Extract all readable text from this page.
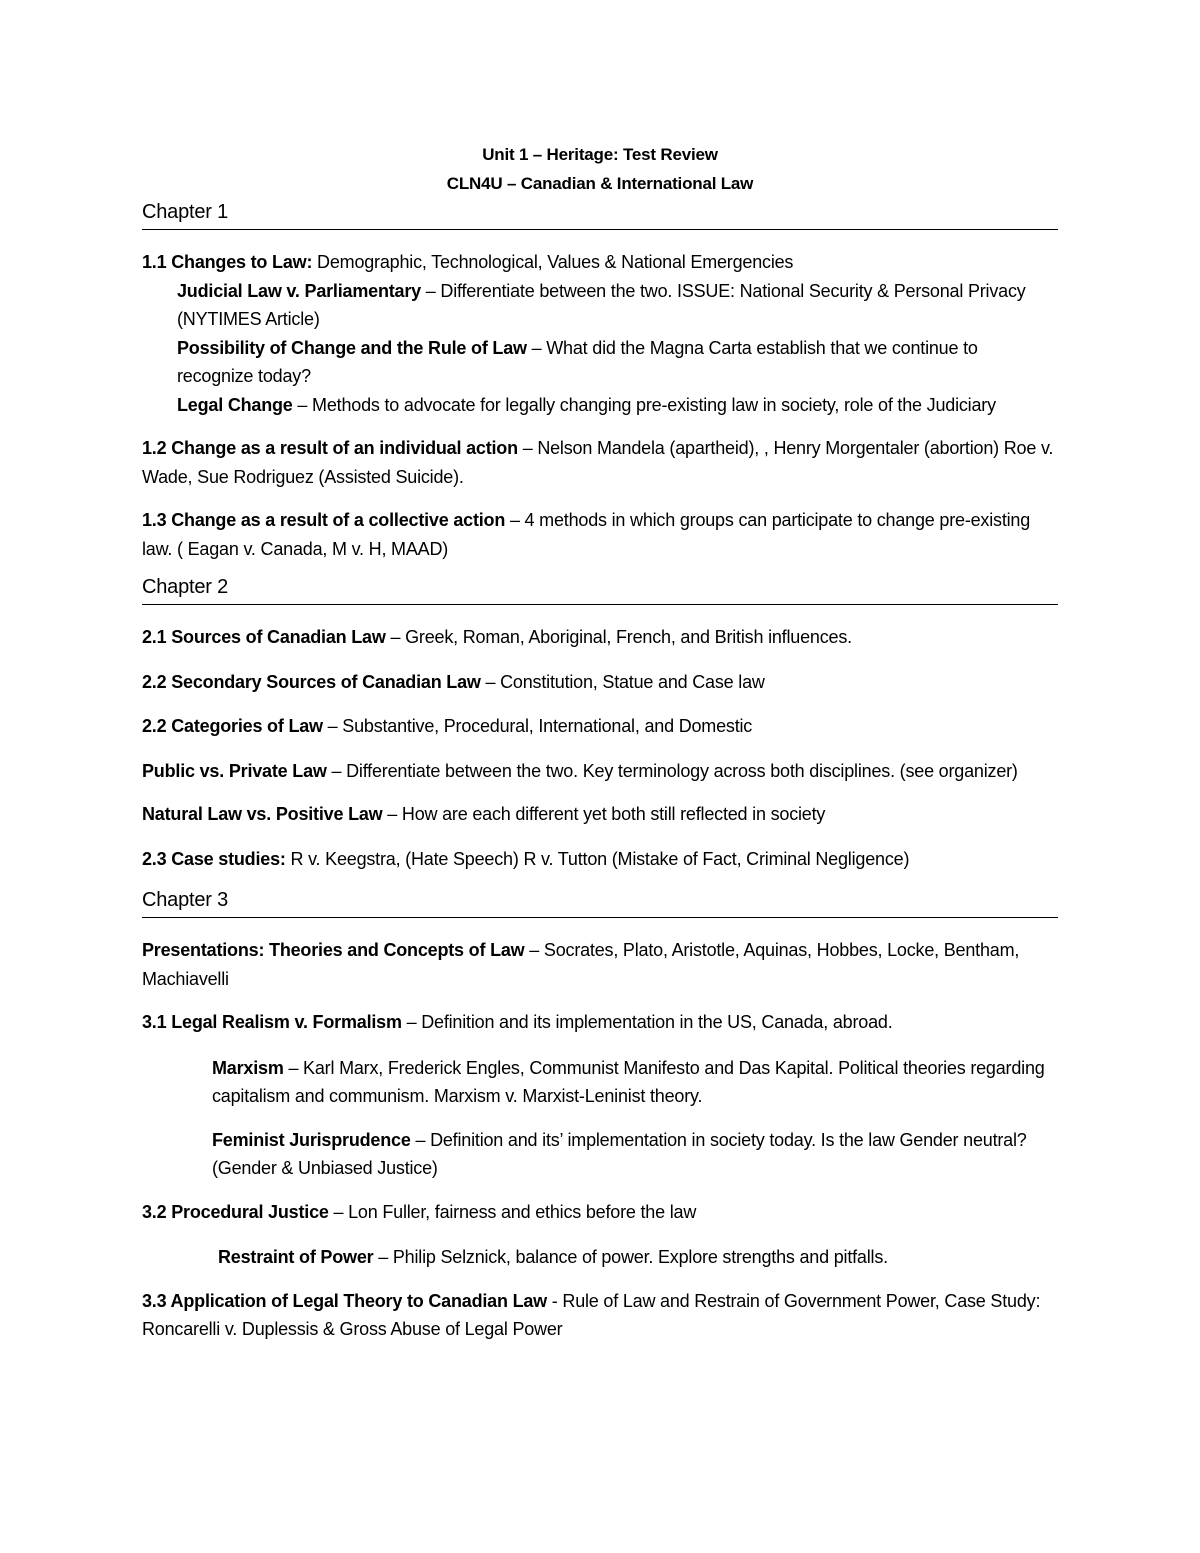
Unit 1 – Heritage: Test Review
CLN4U – Canadian & International Law
Chapter 1

1.1 Changes to Law: Demographic, Technological, Values & National Emergencies

Judicial Law v. Parliamentary – Differentiate between the two. ISSUE: National Security & Personal Privacy (NYTIMES Article)

Possibility of Change and the Rule of Law – What did the Magna Carta establish that we continue to recognize today?

Legal Change – Methods to advocate for legally changing pre-existing law in society, role of the Judiciary

1.2 Change as a result of an individual action – Nelson Mandela (apartheid), , Henry Morgentaler (abortion) Roe v. Wade, Sue Rodriguez (Assisted Suicide).

1.3 Change as a result of a collective action – 4 methods in which groups can participate to change pre-existing law. ( Eagan v. Canada, M v. H, MAAD)

Chapter 2

2.1 Sources of Canadian Law – Greek, Roman, Aboriginal, French, and British influences.

2.2 Secondary Sources of Canadian Law – Constitution, Statue and Case law

2.2 Categories of Law – Substantive, Procedural, International, and Domestic

Public vs. Private Law – Differentiate between the two. Key terminology across both disciplines. (see organizer)

Natural Law vs. Positive Law – How are each different yet both still reflected in society

2.3 Case studies: R v. Keegstra, (Hate Speech) R v. Tutton (Mistake of Fact, Criminal Negligence)

Chapter 3

Presentations: Theories and Concepts of Law – Socrates, Plato, Aristotle, Aquinas, Hobbes, Locke, Bentham, Machiavelli

3.1 Legal Realism v. Formalism – Definition and its implementation in the US, Canada, abroad.

Marxism – Karl Marx, Frederick Engles, Communist Manifesto and Das Kapital. Political theories regarding capitalism and communism. Marxism v. Marxist-Leninist theory.

Feminist Jurisprudence – Definition and its’ implementation in society today. Is the law Gender neutral? (Gender & Unbiased Justice)

3.2 Procedural Justice – Lon Fuller, fairness and ethics before the law

Restraint of Power – Philip Selznick, balance of power. Explore strengths and pitfalls.

3.3 Application of Legal Theory to Canadian Law - Rule of Law and Restrain of Government Power, Case Study: Roncarelli v. Duplessis & Gross Abuse of Legal Power
